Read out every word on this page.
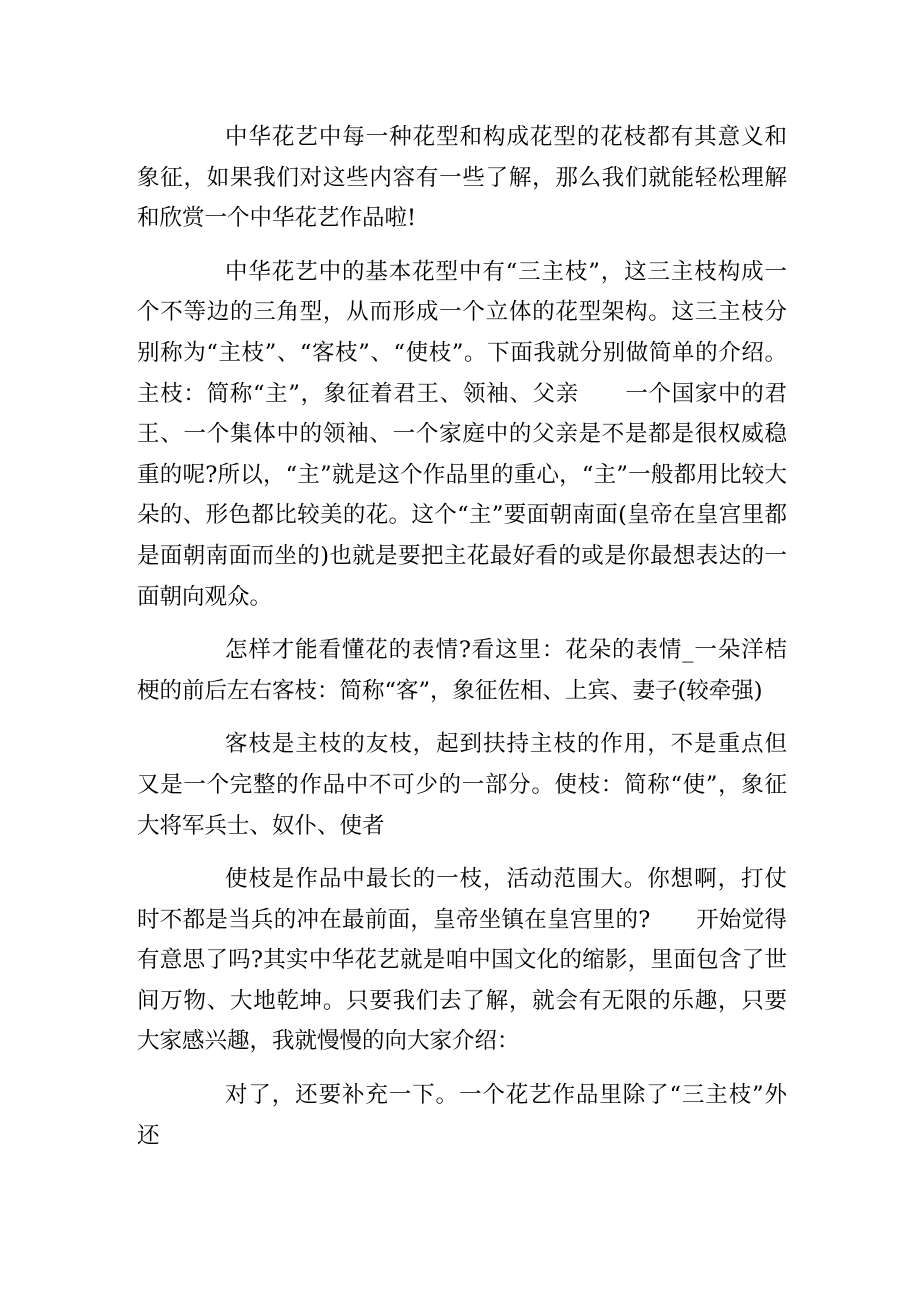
中华花艺中每一种花型和构成花型的花枝都有其意义和象征，如果我们对这些内容有一些了解，那么我们就能轻松理解和欣赏一个中华花艺作品啦!

中华花艺中的基本花型中有“三主枝”，这三主枝构成一个不等边的三角型，从而形成一个立体的花型架构。这三主枝分别称为“主枝”、“客枝”、“使枝”。下面我就分别做简单的介绍。主枝：简称“主”，象征着君王、领袖、父亲　　一个国家中的君王、一个集体中的领袖、一个家庭中的父亲是不是都是很权威稳重的呢?所以，“主”就是这个作品里的重心，“主”一般都用比较大朵的、形色都比较美的花。这个“主”要面朝南面(皇帝在皇宫里都是面朝南面而坐的)也就是要把主花最好看的或是你最想表达的一面朝向观众。

怎样才能看懂花的表情?看这里：花朵的表情_一朵洋桔梗的前后左右客枝：简称“客”，象征佐相、上宾、妻子(较牵强)

客枝是主枝的友枝，起到扶持主枝的作用，不是重点但又是一个完整的作品中不可少的一部分。使枝：简称“使”，象征大将军兵士、奴仆、使者

使枝是作品中最长的一枝，活动范围大。你想啊，打仗时不都是当兵的冲在最前面，皇帝坐镇在皇宫里的?　　开始觉得有意思了吗?其实中华花艺就是咱中国文化的缩影，里面包含了世间万物、大地乾坤。只要我们去了解，就会有无限的乐趣，只要大家感兴趣，我就慢慢的向大家介绍：

对了，还要补充一下。一个花艺作品里除了“三主枝”外还
